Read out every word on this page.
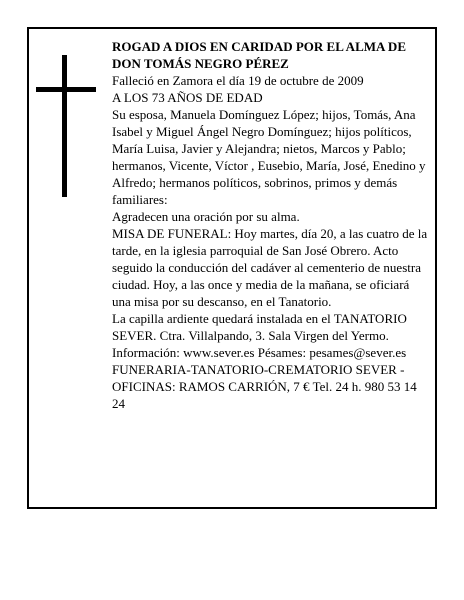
ROGAD A DIOS EN CARIDAD POR EL ALMA DE DON TOMÁS NEGRO PÉREZ

Falleció en Zamora el día 19 de octubre de 2009

A LOS 73 AÑOS DE EDAD

Su esposa, Manuela Domínguez López; hijos, Tomás, Ana Isabel y Miguel Ángel Negro Domínguez; hijos políticos, María Luisa, Javier y Alejandra; nietos, Marcos y Pablo; hermanos, Vicente, Víctor , Eusebio, María, José, Enedino y Alfredo; hermanos políticos, sobrinos, primos y demás familiares:

Agradecen una oración por su alma.

MISA DE FUNERAL: Hoy martes, día 20, a las cuatro de la tarde, en la iglesia parroquial de San José Obrero. Acto seguido la conducción del cadáver al cementerio de nuestra ciudad. Hoy, a las once y media de la mañana, se oficiará una misa por su descanso, en el Tanatorio.

La capilla ardiente quedará instalada en el TANATORIO SEVER. Ctra. Villalpando, 3. Sala Virgen del Yermo.

Información: www.sever.es Pésames: pesames@sever.es

FUNERARIA-TANATORIO-CREMATORIO SEVER - OFICINAS: RAMOS CARRIÓN, 7 € Tel. 24 h. 980 53 14 24
